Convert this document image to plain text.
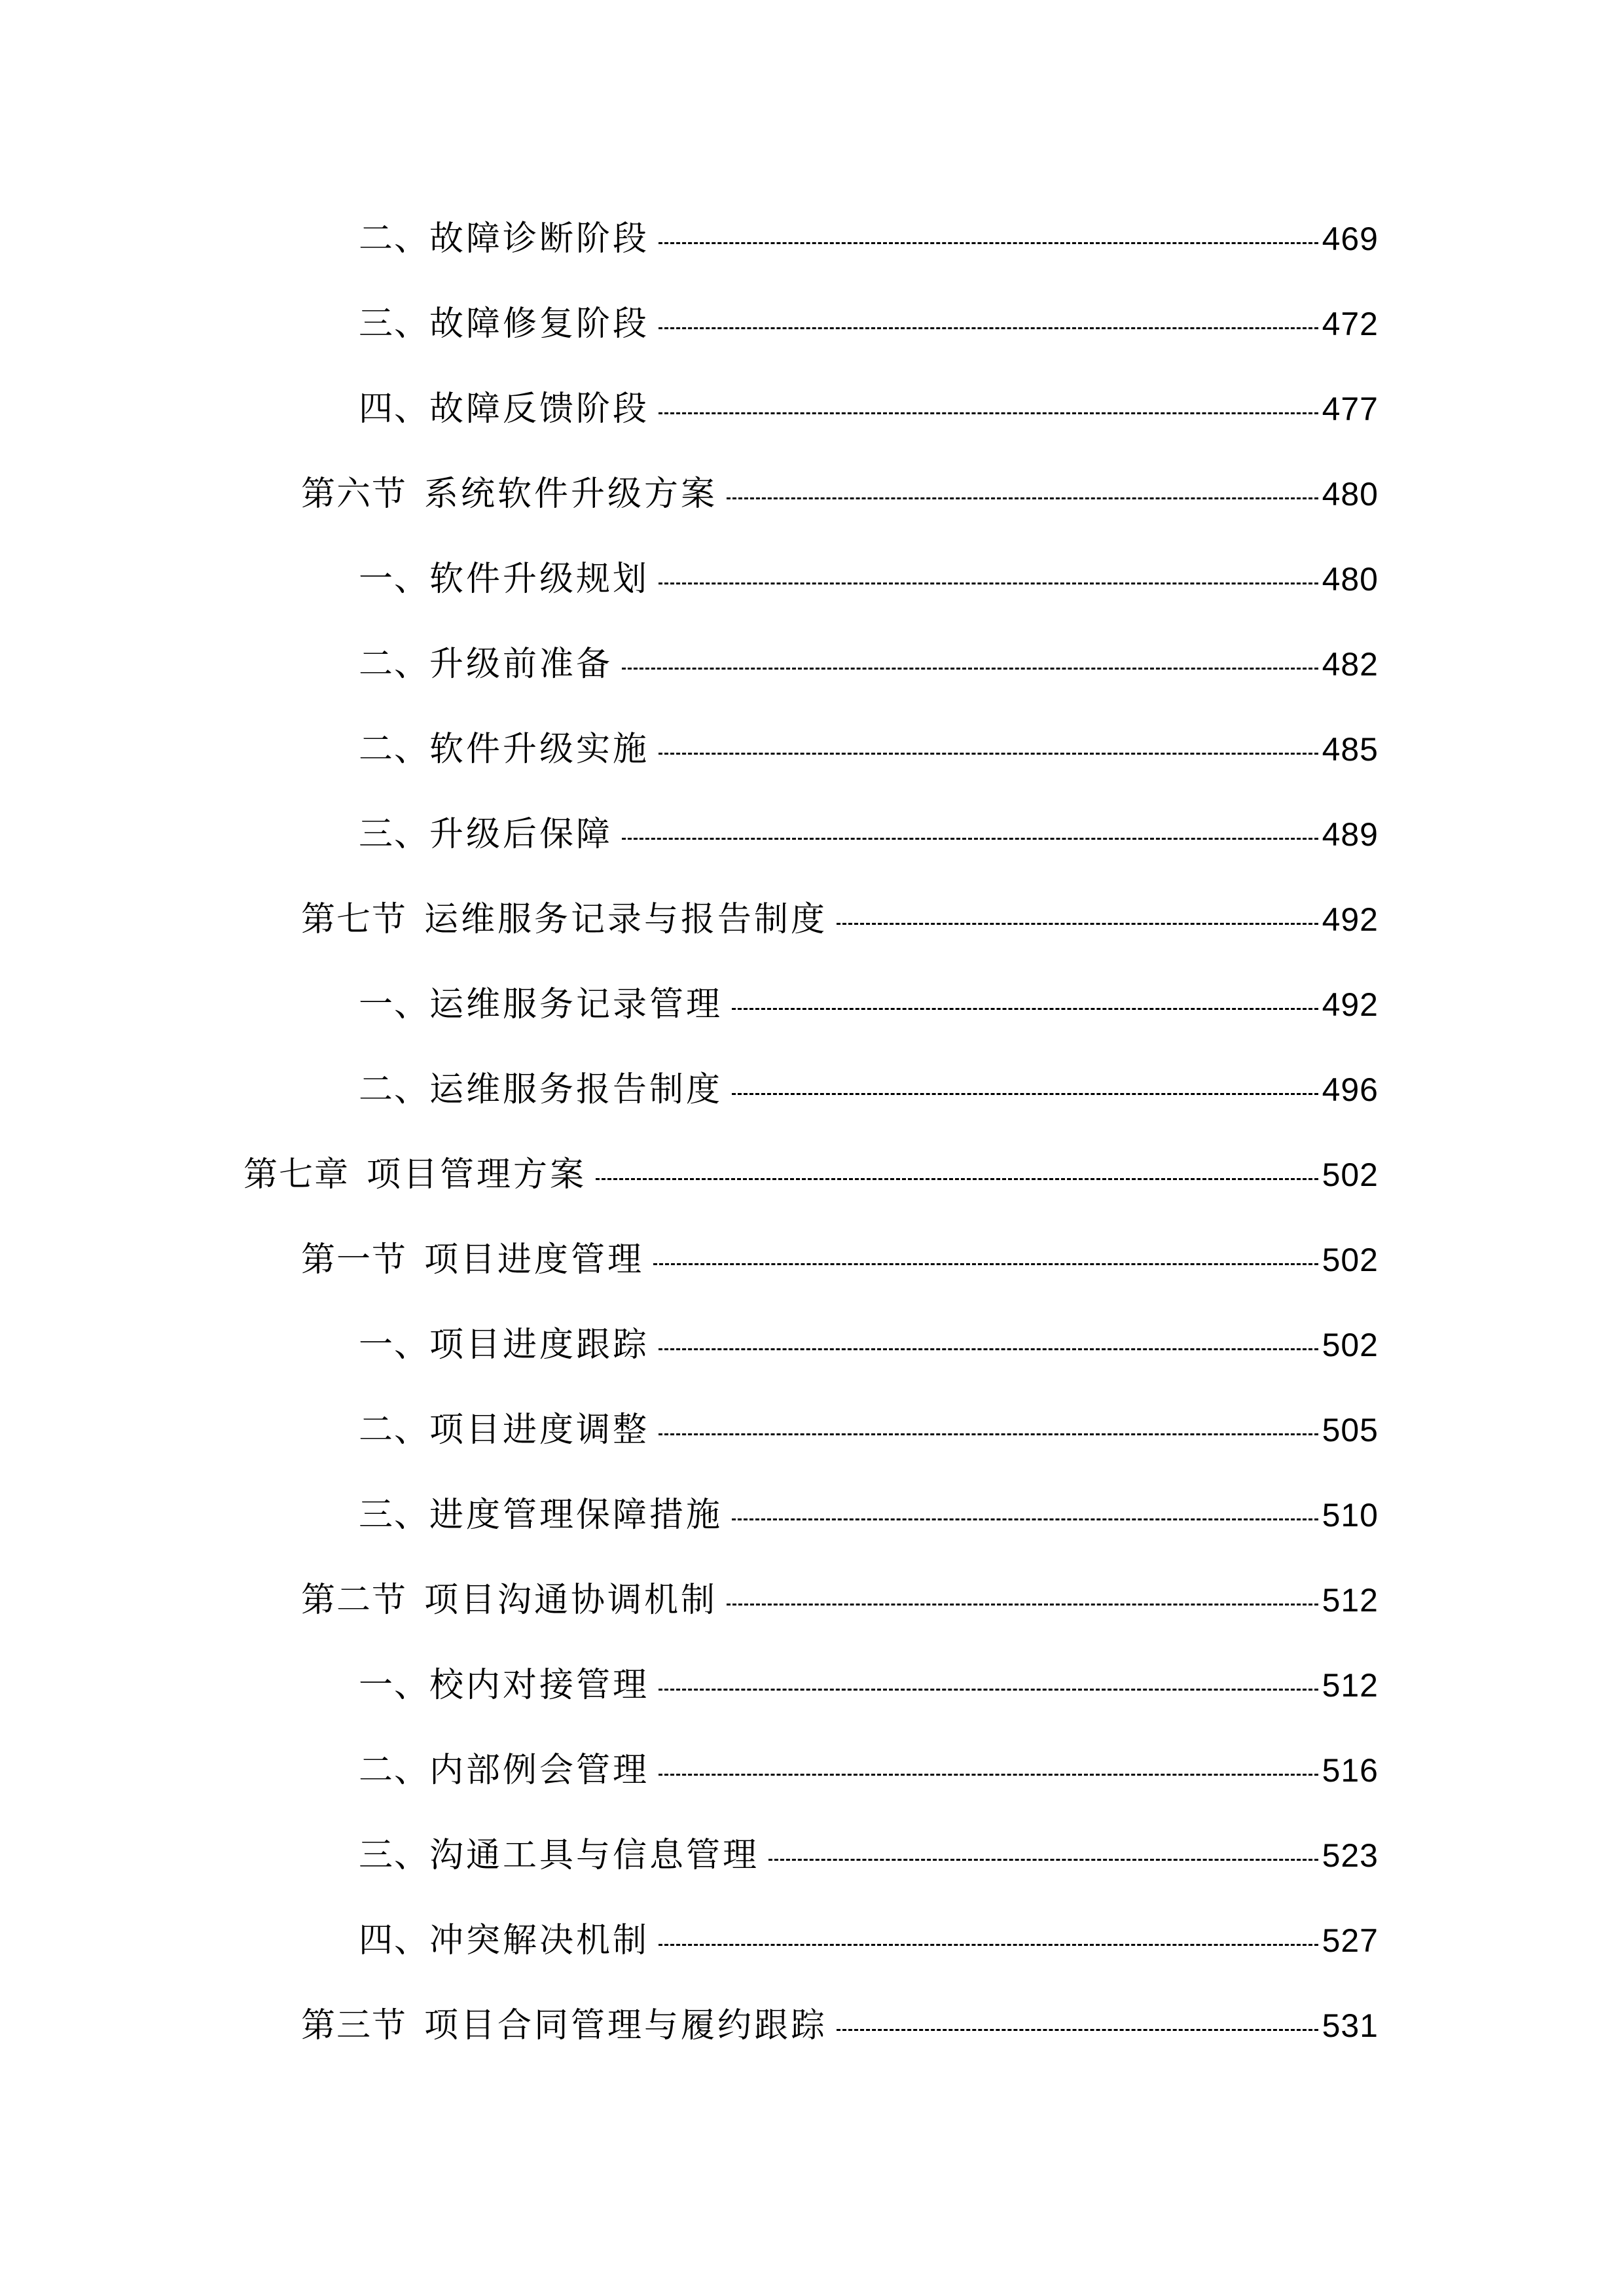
二、 故障诊断阶段	469
三、 故障修复阶段	472
四、 故障反馈阶段	477
第六节 系统软件升级方案	480
一、 软件升级规划	480
二、 升级前准备	482
二、 软件升级实施	485
三、 升级后保障	489
第七节 运维服务记录与报告制度	492
一、 运维服务记录管理	492
二、 运维服务报告制度	496
第七章 项目管理方案	502
第一节 项目进度管理	502
一、 项目进度跟踪	502
二、 项目进度调整	505
三、 进度管理保障措施	510
第二节 项目沟通协调机制	512
一、 校内对接管理	512
二、 内部例会管理	516
三、 沟通工具与信息管理	523
四、 冲突解决机制	527
第三节 项目合同管理与履约跟踪	531
